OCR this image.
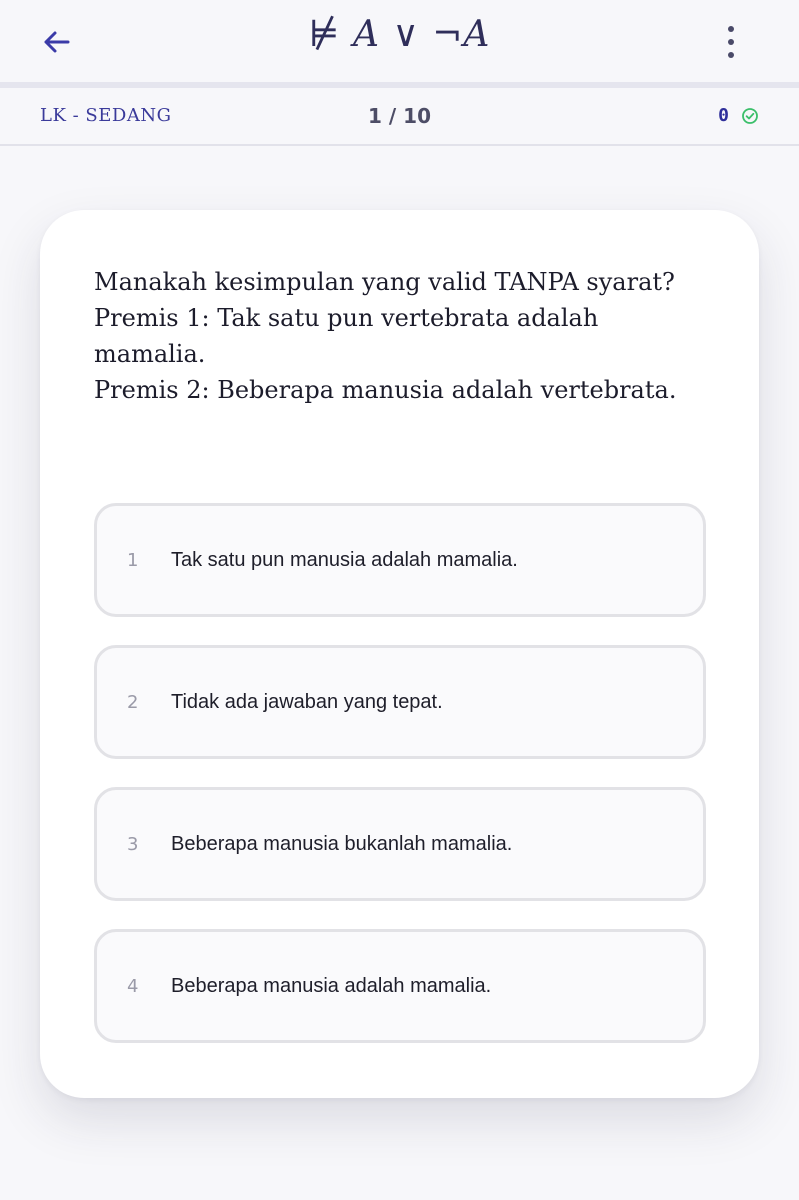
⊭ A ∨ ¬A
LK - SEDANG	1 / 10	0
Manakah kesimpulan yang valid TANPA syarat?
Premis 1: Tak satu pun vertebrata adalah mamalia.
Premis 2: Beberapa manusia adalah vertebrata.
1	Tak satu pun manusia adalah mamalia.
2	Tidak ada jawaban yang tepat.
3	Beberapa manusia bukanlah mamalia.
4	Beberapa manusia adalah mamalia.
